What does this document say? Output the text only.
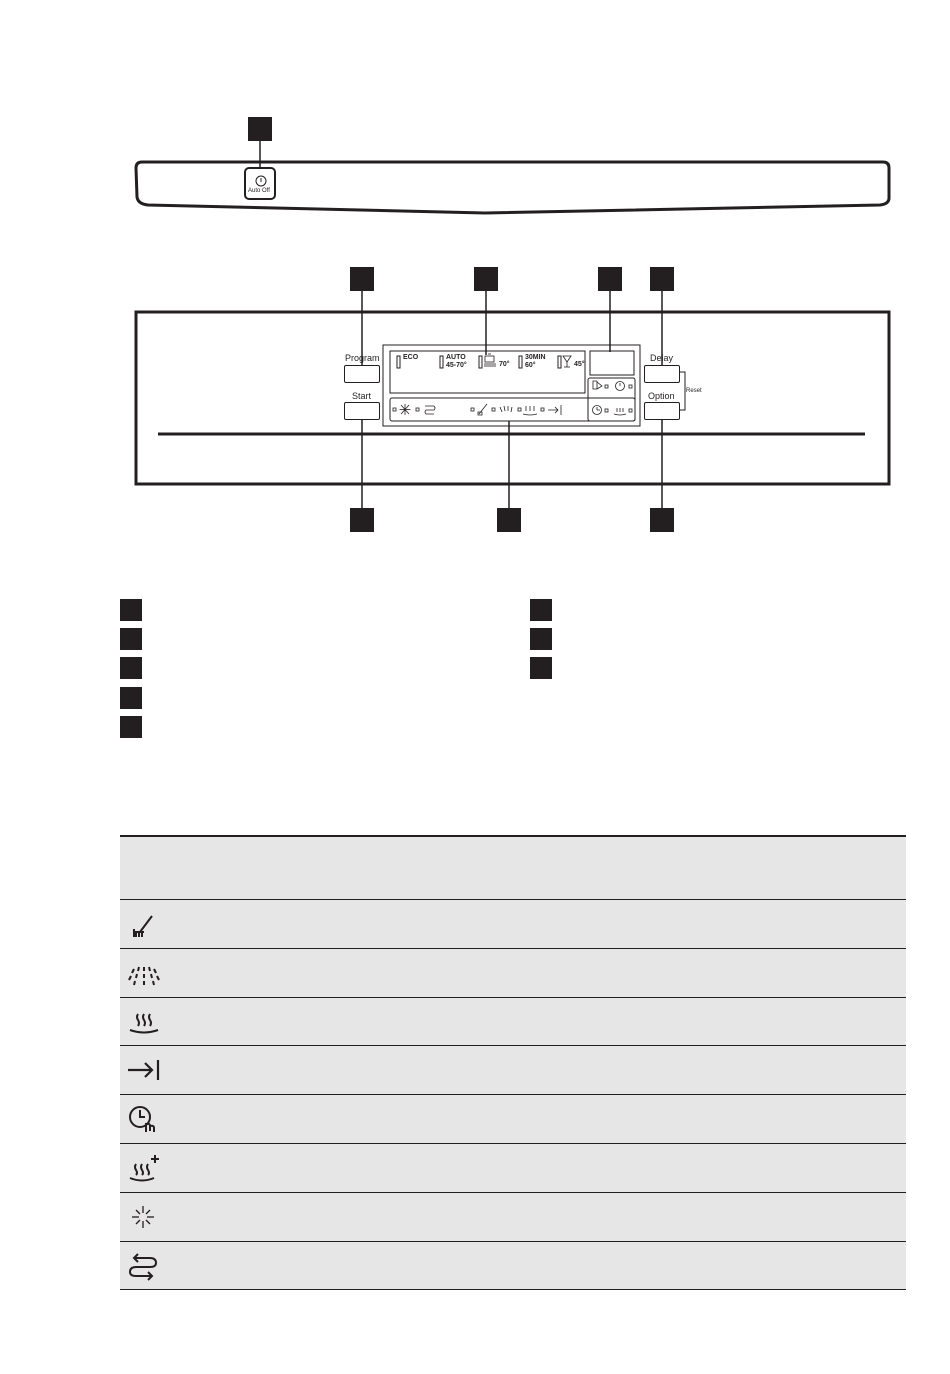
Auto Off
ECO	AUTO
45-70°	70°
30MIN
60°	45°
Program
Start
Delay
Option Reset
